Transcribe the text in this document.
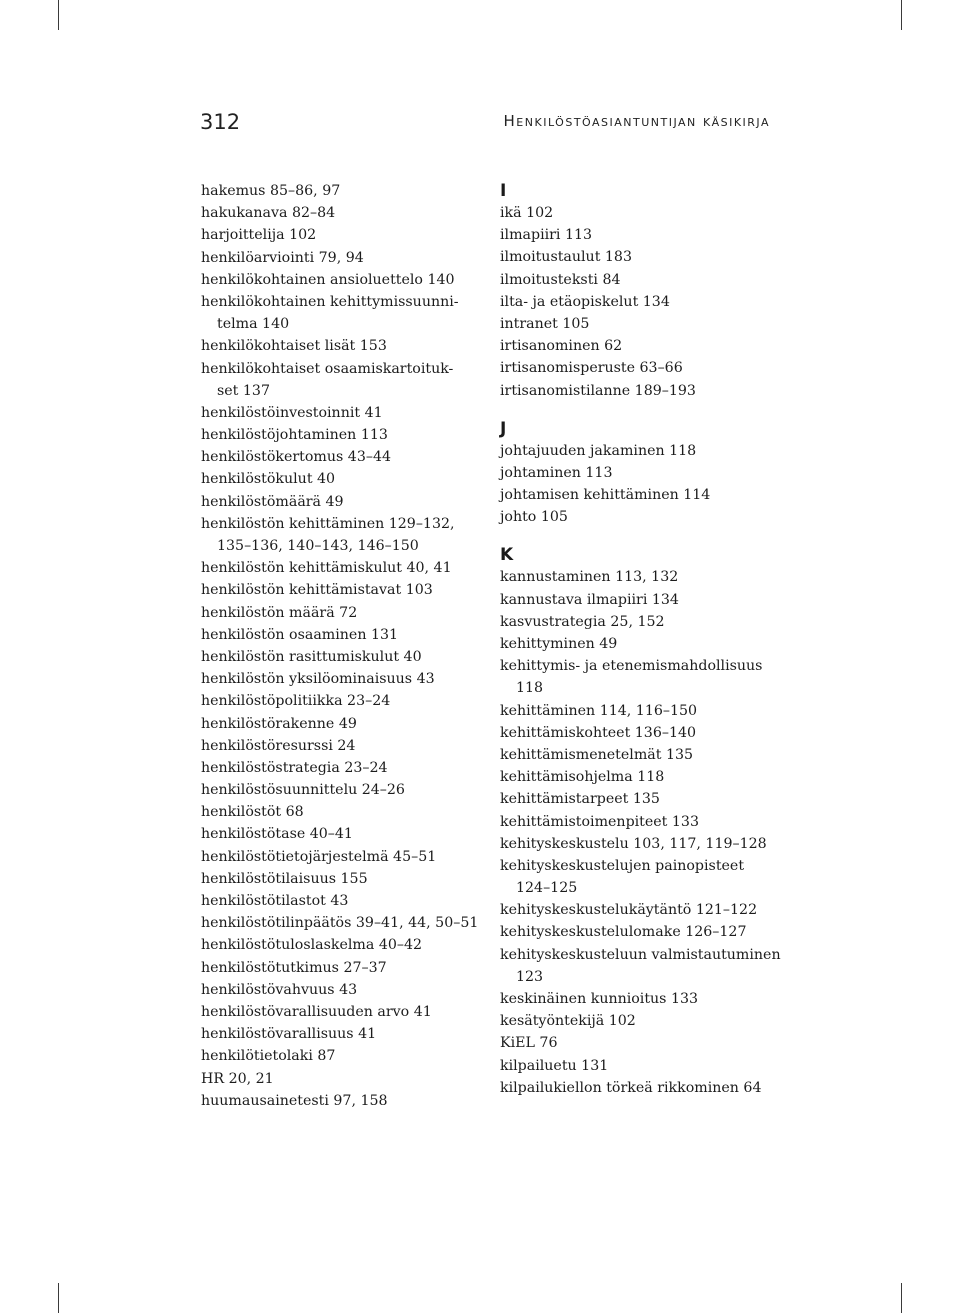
312	Henkilöstöasiantuntijan käsikirja
hakemus 85–86, 97
hakukanava 82–84
harjoittelija 102
henkilöarviointi 79, 94
henkilökohtainen ansioluettelo 140
henkilökohtainen kehittymissuunni-
telma 140
henkilökohtaiset lisät 153
henkilökohtaiset osaamiskartoituk-
set 137
henkilöstöinvestoinnit 41
henkilöstöjohtaminen 113
henkilöstökertomus 43–44
henkilöstökulut 40
henkilöstömäärä 49
henkilöstön kehittäminen 129–132,
135–136, 140–143, 146–150
henkilöstön kehittämiskulut 40, 41
henkilöstön kehittämistavat 103
henkilöstön määrä 72
henkilöstön osaaminen 131
henkilöstön rasittumiskulut 40
henkilöstön yksilöominaisuus 43
henkilöstöpolitiikka 23–24
henkilöstörakenne 49
henkilöstöresurssi 24
henkilöstöstrategia 23–24
henkilöstösuunnittelu 24–26
henkilöstöt 68
henkilöstötase 40–41
henkilöstötietojärjestelmä 45–51
henkilöstötilaisuus 155
henkilöstötilastot 43
henkilöstötilinpäätös 39–41, 44, 50–51
henkilöstötuloslaskelma 40–42
henkilöstötutkimus 27–37
henkilöstövahvuus 43
henkilöstövarallisuuden arvo 41
henkilöstövarallisuus 41
henkilötietolaki 87
HR 20, 21
huumausainetesti 97, 158
I
ikä 102
ilmapiiri 113
ilmoitustaulut 183
ilmoitusteksti 84
ilta- ja etäopiskelut 134
intranet 105
irtisanominen 62
irtisanomisperuste 63–66
irtisanomistilanne 189–193
J
johtajuuden jakaminen 118
johtaminen 113
johtamisen kehittäminen 114
johto 105
K
kannustaminen 113, 132
kannustava ilmapiiri 134
kasvustrategia 25, 152
kehittyminen 49
kehittymis- ja etenemismahdollisuus
118
kehittäminen 114, 116–150
kehittämiskohteet 136–140
kehittämismenetelmät 135
kehittämisohjelma 118
kehittämistarpeet 135
kehittämistoimenpiteet 133
kehityskeskustelu 103, 117, 119–128
kehityskeskustelujen painopisteet
124–125
kehityskeskustelukäytäntö 121–122
kehityskeskustelulomake 126–127
kehityskeskusteluun valmistautuminen
123
keskinäinen kunnioitus 133
kesätyöntekijä 102
KiEL 76
kilpailuetu 131
kilpailukiellon törkeä rikkominen 64
